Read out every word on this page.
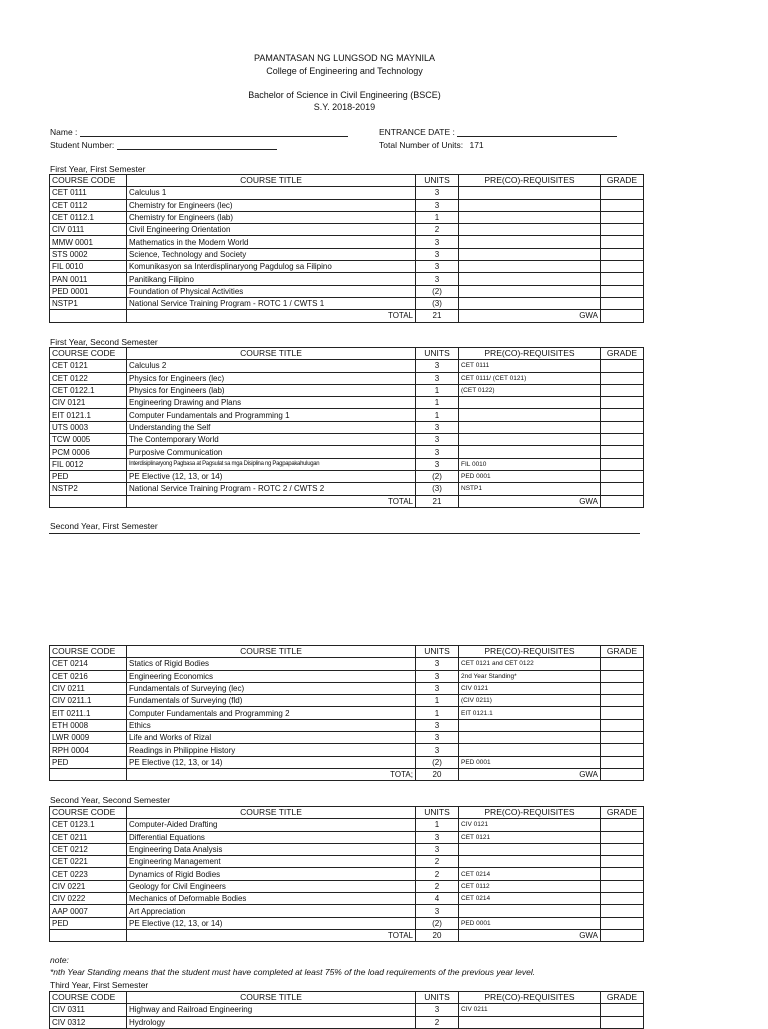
PAMANTASAN NG LUNGSOD NG MAYNILA
College of Engineering and Technology
Bachelor of Science in Civil Engineering (BSCE)
S.Y. 2018-2019
Name :
Student Number:
ENTRANCE DATE :
Total Number of Units: 171
First Year, First Semester
COURSE CODE	COURSE TITLE	UNITS	PRE(CO)-REQUISITES	GRADE
CET 0111	Calculus 1	3		
CET 0112	Chemistry for Engineers (lec)	3		
CET 0112.1	Chemistry for Engineers (lab)	1		
CIV 0111	Civil Engineering Orientation	2		
MMW 0001	Mathematics in the Modern World	3		
STS 0002	Science, Technology and Society	3		
FIL 0010	Komunikasyon sa Interdisplinaryong Pagdulog sa Filipino	3		
PAN 0011	Panitikang Filipino	3		
PED 0001	Foundation of Physical Activities	(2)		
NSTP1	National Service Training Program - ROTC 1 / CWTS 1	(3)		
	TOTAL	21	GWA	
First Year, Second Semester
COURSE CODE	COURSE TITLE	UNITS	PRE(CO)-REQUISITES	GRADE
CET 0121	Calculus 2	3	CET 0111	
CET 0122	Physics for Engineers (lec)	3	CET 0111/ (CET 0121)	
CET 0122.1	Physics for Engineers (lab)	1	(CET 0122)	
CIV 0121	Engineering Drawing and Plans	1		
EIT 0121.1	Computer Fundamentals and Programming 1	1		
UTS 0003	Understanding the Self	3		
TCW 0005	The Contemporary World	3		
PCM 0006	Purposive Communication	3		
FIL 0012	Interdisiplinaryong Pagbasa at Pagsulat sa mga Disiplina ng Pagpapakahulugan	3	FIL 0010	
PED	PE Elective (12, 13, or 14)	(2)	PED 0001	
NSTP2	National Service Training Program - ROTC 2 / CWTS 2	(3)	NSTP1	
	TOTAL	21	GWA	
Second Year, First Semester
COURSE CODE	COURSE TITLE	UNITS	PRE(CO)-REQUISITES	GRADE
CET 0214	Statics of Rigid Bodies	3	CET 0121 and CET 0122	
CET 0216	Engineering Economics	3	2nd Year Standing*	
CIV 0211	Fundamentals of Surveying (lec)	3	CIV 0121	
CIV 0211.1	Fundamentals of Surveying (fld)	1	(CIV 0211)	
EIT 0211.1	Computer Fundamentals and Programming 2	1	EIT 0121.1	
ETH 0008	Ethics	3		
LWR 0009	Life and Works of Rizal	3		
RPH 0004	Readings in Philippine History	3		
PED	PE Elective (12, 13, or 14)	(2)	PED 0001	
	TOTA;	20	GWA	
Second Year, Second Semester
COURSE CODE	COURSE TITLE	UNITS	PRE(CO)-REQUISITES	GRADE
CET 0123.1	Computer-Aided Drafting	1	CIV 0121	
CET 0211	Differential Equations	3	CET 0121	
CET 0212	Engineering Data Analysis	3		
CET 0221	Engineering Management	2		
CET 0223	Dynamics of Rigid Bodies	2	CET 0214	
CIV 0221	Geology for Civil Engineers	2	CET 0112	
CIV 0222	Mechanics of Deformable Bodies	4	CET 0214	
AAP 0007	Art Appreciation	3		
PED	PE Elective (12, 13, or 14)	(2)	PED 0001	
	TOTAL	20	GWA	
note:
*nth Year Standing means that the student must have completed at least 75% of the load requirements of the previous year level.
Third Year, First Semester
COURSE CODE	COURSE TITLE	UNITS	PRE(CO)-REQUISITES	GRADE
CIV 0311	Highway and Railroad Engineering	3	CIV 0211	
CIV 0312	Hydrology	2		
